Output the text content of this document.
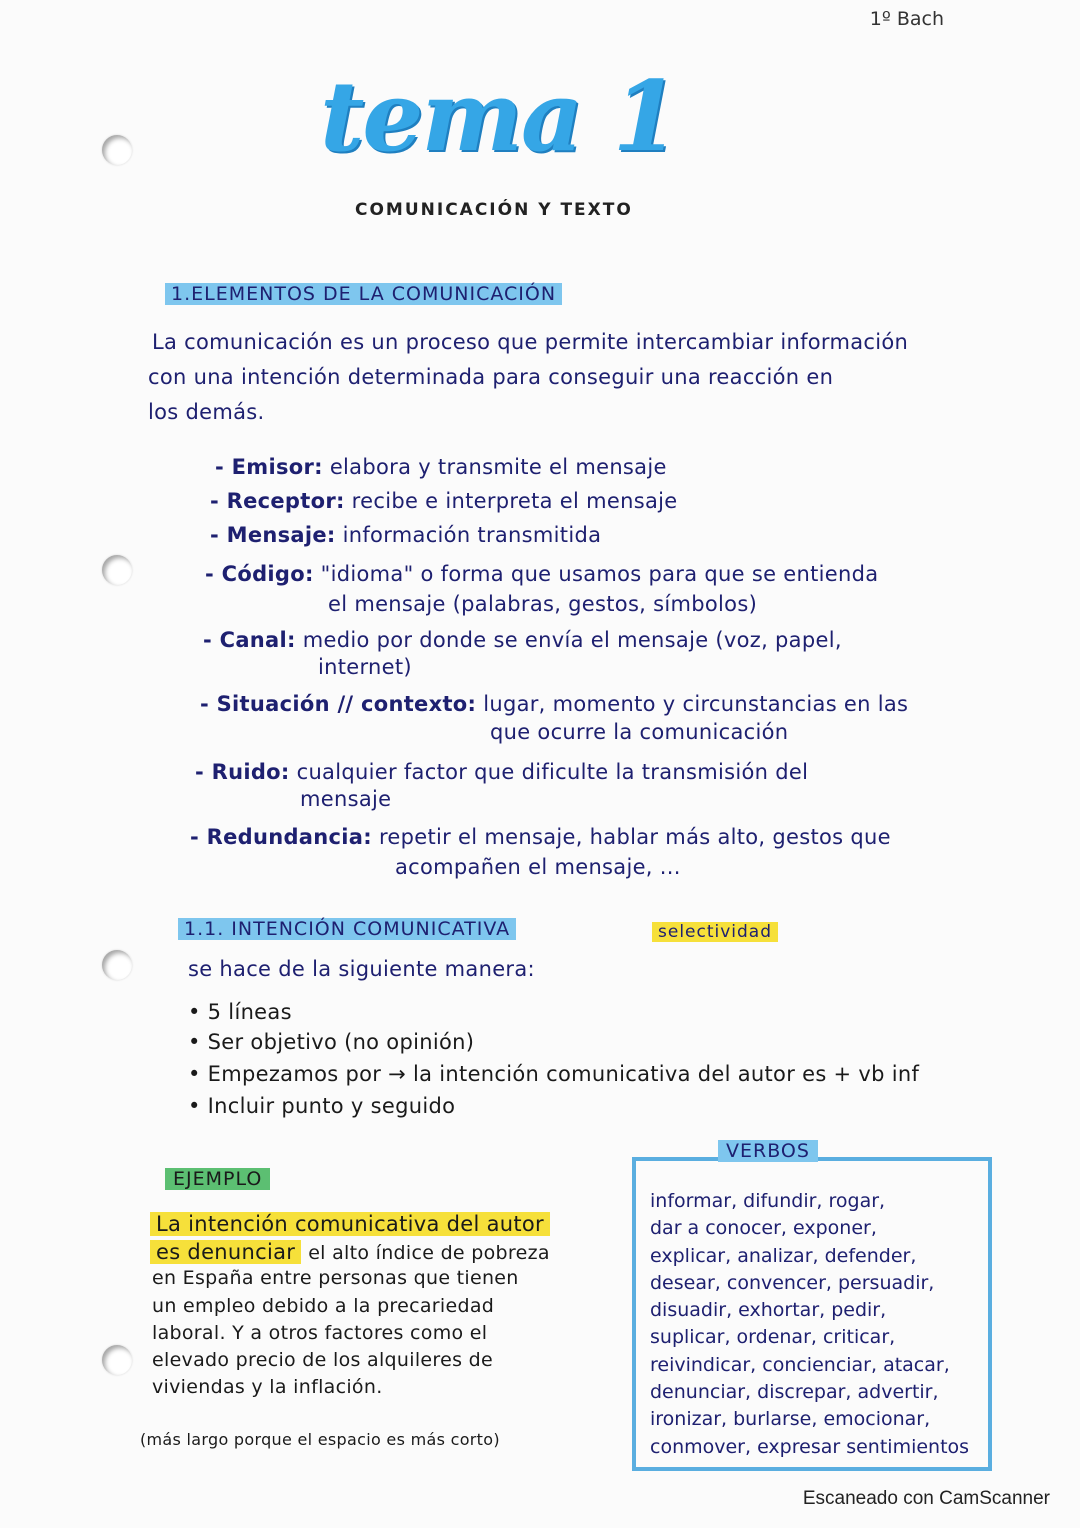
1º Bach
tema 1
COMUNICACIÓN Y TEXTO
1.ELEMENTOS DE LA COMUNICACIÓN
La comunicación es un proceso que permite intercambiar información
con una intención determinada para conseguir una reacción en
los demás.
- Emisor: elabora y transmite el mensaje
- Receptor: recibe e interpreta el mensaje
- Mensaje: información transmitida
- Código: "idioma" o forma que usamos para que se entienda
el mensaje (palabras, gestos, símbolos)
- Canal: medio por donde se envía el mensaje (voz, papel,
internet)
- Situación // contexto: lugar, momento y circunstancias en las
que ocurre la comunicación
- Ruido: cualquier factor que dificulte la transmisión del
mensaje
- Redundancia: repetir el mensaje, hablar más alto, gestos que
acompañen el mensaje, ...
1.1. INTENCIÓN COMUNICATIVA	selectividad
se hace de la siguiente manera:
• 5 líneas
• Ser objetivo (no opinión)
• Empezamos por → la intención comunicativa del autor es + vb inf
• Incluir punto y seguido
EJEMPLO
La intención comunicativa del autor
es denunciar el alto índice de pobreza
en España entre personas que tienen
un empleo debido a la precariedad
laboral. Y a otros factores como el
elevado precio de los alquileres de
viviendas y la inflación.
(más largo porque el espacio es más corto)
VERBOS
informar, difundir, rogar,
dar a conocer, exponer,
explicar, analizar, defender,
desear, convencer, persuadir,
disuadir, exhortar, pedir,
suplicar, ordenar, criticar,
reivindicar, concienciar, atacar,
denunciar, discrepar, advertir,
ironizar, burlarse, emocionar,
conmover, expresar sentimientos
Escaneado con CamScanner
